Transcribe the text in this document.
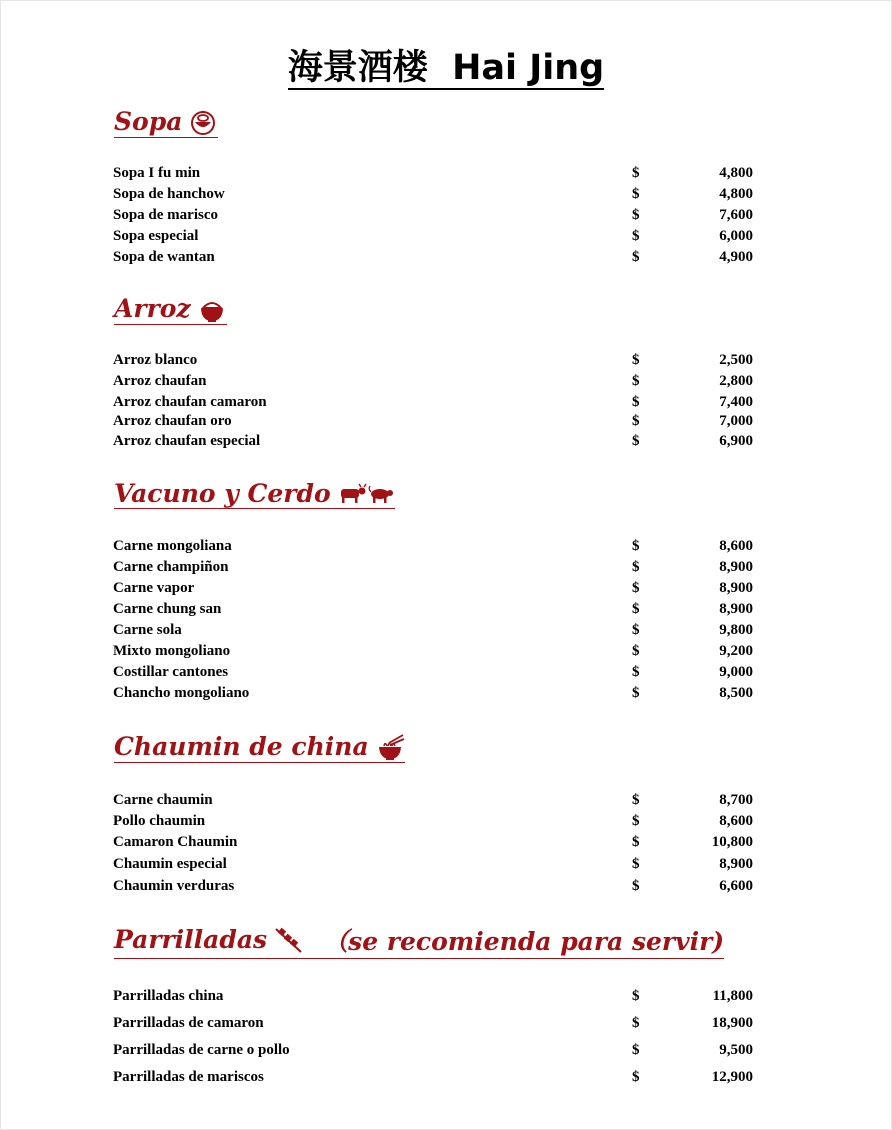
海景酒楼 Hai Jing
Sopa
Sopa I fu min	$	4,800
Sopa de hanchow	$	4,800
Sopa de marisco	$	7,600
Sopa especial	$	6,000
Sopa de wantan	$	4,900
Arroz
Arroz blanco	$	2,500
Arroz chaufan	$	2,800
Arroz chaufan camaron	$	7,400
Arroz chaufan oro	$	7,000
Arroz chaufan especial	$	6,900
Vacuno y Cerdo
Carne mongoliana	$	8,600
Carne champiñon	$	8,900
Carne vapor	$	8,900
Carne chung san	$	8,900
Carne sola	$	9,800
Mixto mongoliano	$	9,200
Costillar cantones	$	9,000
Chancho mongoliano	$	8,500
Chaumin de china
Carne chaumin	$	8,700
Pollo chaumin	$	8,600
Camaron Chaumin	$	10,800
Chaumin especial	$	8,900
Chaumin verduras	$	6,600
Parrilladas （se recomienda para servir)
Parrilladas china	$	11,800
Parrilladas de camaron	$	18,900
Parrilladas de carne o pollo	$	9,500
Parrilladas de mariscos	$	12,900
